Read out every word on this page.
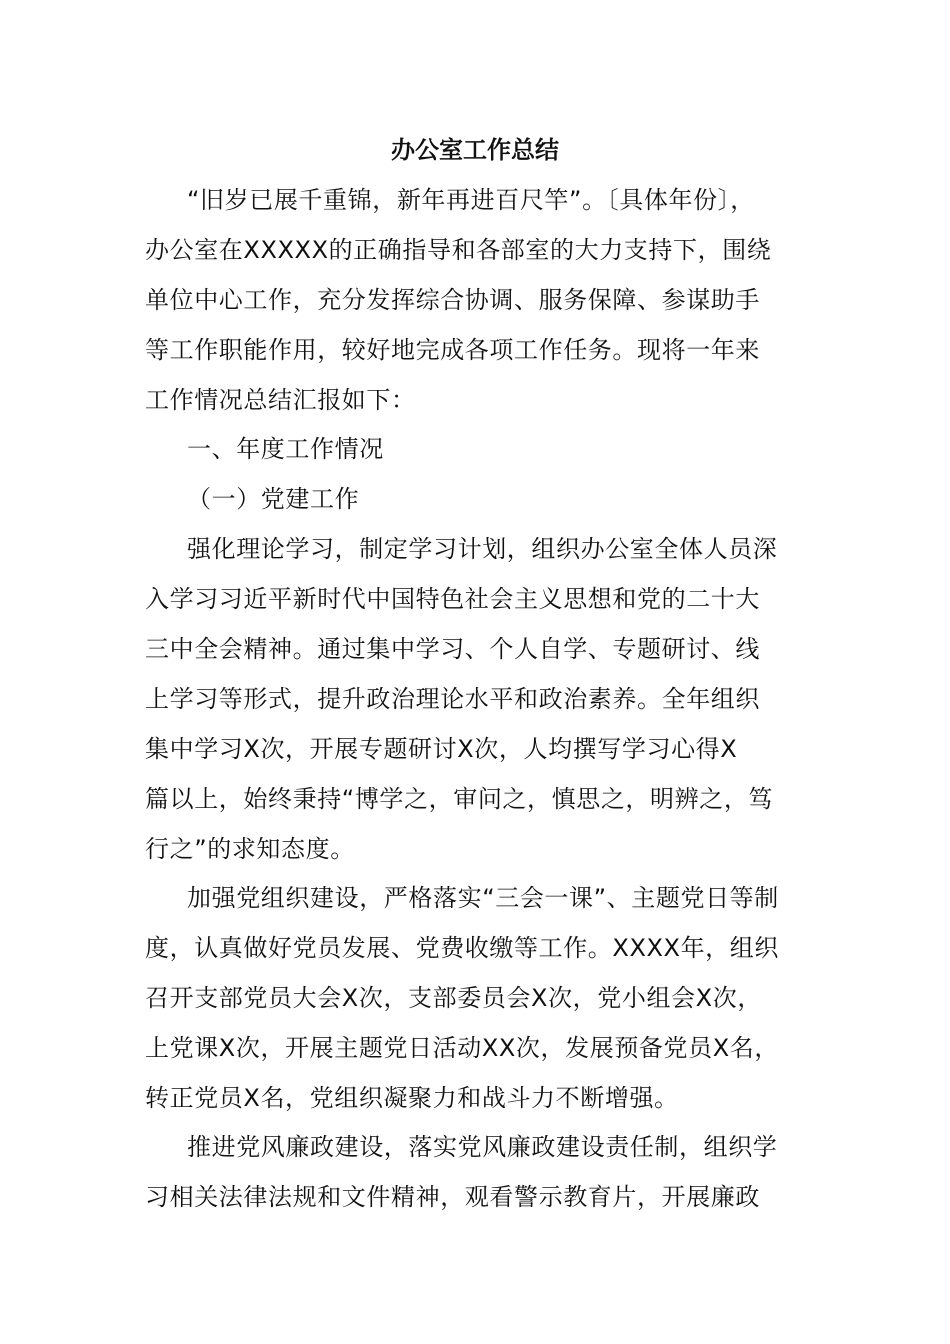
办公室工作总结
“旧岁已展千重锦，新年再进百尺竿”。〔具体年份〕，
办公室在XXXXX的正确指导和各部室的大力支持下，围绕
单位中心工作，充分发挥综合协调、服务保障、参谋助手
等工作职能作用，较好地完成各项工作任务。现将一年来
工作情况总结汇报如下：
一、年度工作情况
（一）党建工作
强化理论学习，制定学习计划，组织办公室全体人员深
入学习习近平新时代中国特色社会主义思想和党的二十大
三中全会精神。通过集中学习、个人自学、专题研讨、线
上学习等形式，提升政治理论水平和政治素养。全年组织
集中学习X次，开展专题研讨X次，人均撰写学习心得X
篇以上，始终秉持“博学之，审问之，慎思之，明辨之，笃
行之”的求知态度。
加强党组织建设，严格落实“三会一课”、主题党日等制
度，认真做好党员发展、党费收缴等工作。XXXX年，组织
召开支部党员大会X次，支部委员会X次，党小组会X次，
上党课X次，开展主题党日活动XX次，发展预备党员X名，
转正党员X名，党组织凝聚力和战斗力不断增强。
推进党风廉政建设，落实党风廉政建设责任制，组织学
习相关法律法规和文件精神，观看警示教育片，开展廉政
